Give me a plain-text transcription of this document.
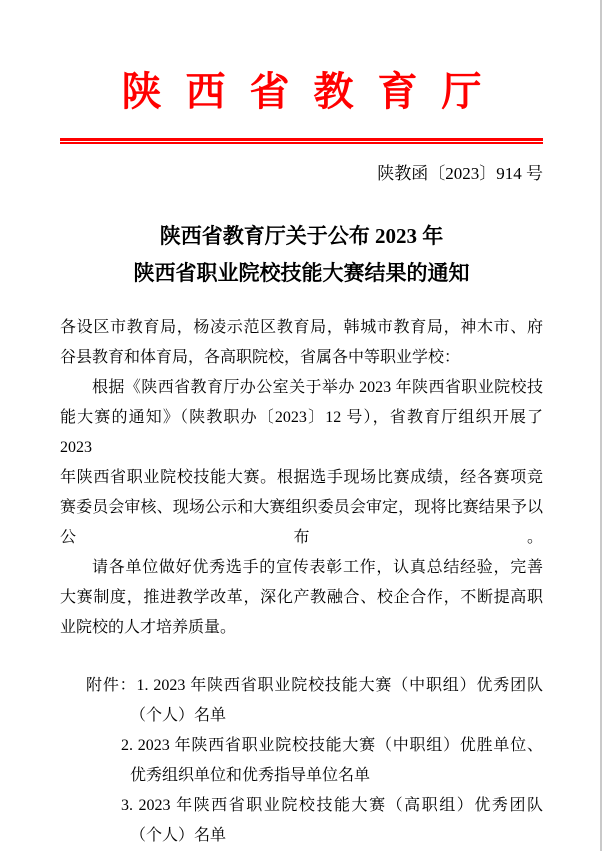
陕西省教育厅
陕教函〔2023〕914 号
陕西省教育厅关于公布 2023 年
陕西省职业院校技能大赛结果的通知
各设区市教育局，杨凌示范区教育局，韩城市教育局，神木市、府
谷县教育和体育局，各高职院校，省属各中等职业学校：
根据《陕西省教育厅办公室关于举办 2023 年陕西省职业院校技
能大赛的通知》（陕教职办〔2023〕12 号），省教育厅组织开展了 2023
年陕西省职业院校技能大赛。根据选手现场比赛成绩，经各赛项竞
赛委员会审核、现场公示和大赛组织委员会审定，现将比赛结果予以公布。
请各单位做好优秀选手的宣传表彰工作，认真总结经验，完善
大赛制度，推进教学改革，深化产教融合、校企合作，不断提高职
业院校的人才培养质量。
附件：1. 2023 年陕西省职业院校技能大赛（中职组）优秀团队
（个人）名单
2. 2023 年陕西省职业院校技能大赛（中职组）优胜单位、
优秀组织单位和优秀指导单位名单
3. 2023 年陕西省职业院校技能大赛（高职组）优秀团队
（个人）名单
